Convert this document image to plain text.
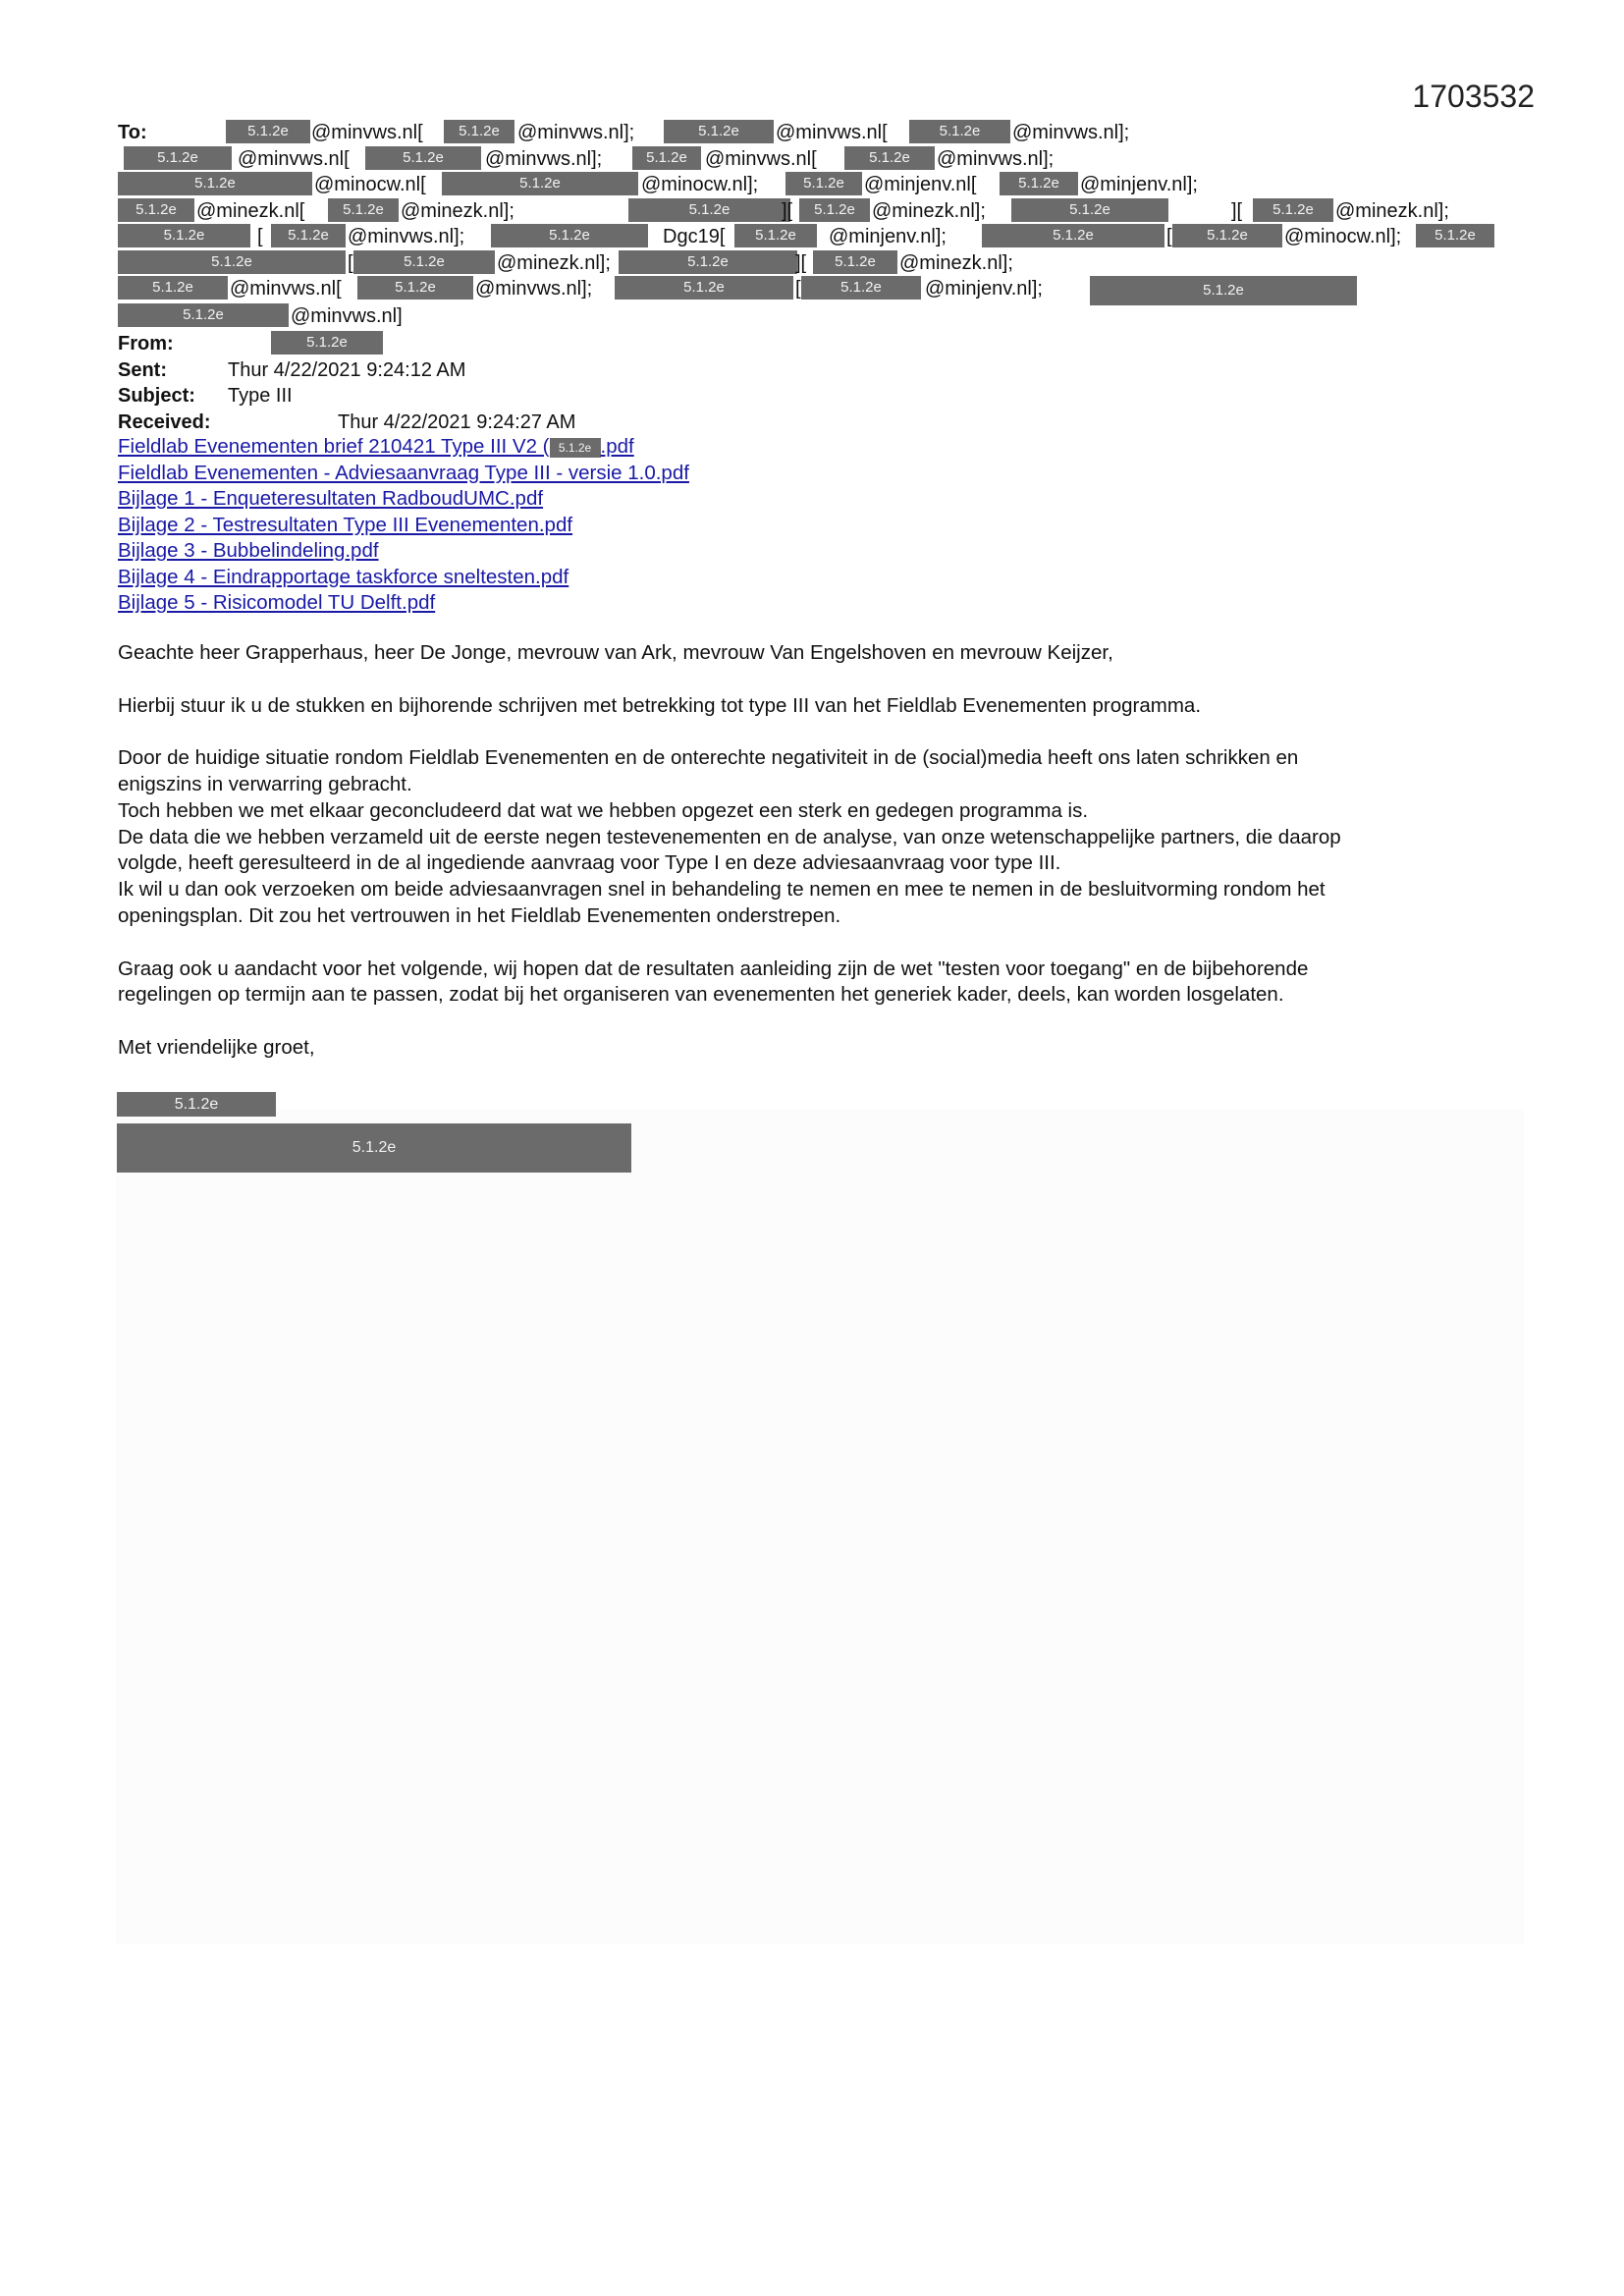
1703532
To:	5.1.2e	@minvws.nl[	5.1.2e @minvws.nl];	5.1.2e	@minvws.nl[	5.1.2e	@minvws.nl];
5.1.2e	@minvws.nl[	5.1.2e	@minvws.nl];	5.1.2e @minvws.nl[	5.1.2e	@minvws.nl];
5.1.2e	@minocw.nl[	5.1.2e	@minocw.nl];	5.1.2e	@minjenv.nl[	5.1.2e	@minjenv.nl];
5.1.2e	@minezk.nl[	5.1.2e @minezk.nl];	5.1.2e	][	5.1.2e @minezk.nl];	5.1.2e	][	5.1.2e	@minezk.nl];
5.1.2e	[	5.1.2e @minvws.nl];	5.1.2e	Dgc19[	5.1.2e	@minjenv.nl];	5.1.2e	[	5.1.2e	@minocw.nl];	5.1.2e
5.1.2e	[	5.1.2e	@minezk.nl];	5.1.2e	][	5.1.2e	@minezk.nl];
5.1.2e	@minvws.nl[	5.1.2e	@minvws.nl];	5.1.2e	[	5.1.2e	@minjenv.nl];	5.1.2e
5.1.2e	@minvws.nl]
From:	5.1.2e
Sent:	Thur 4/22/2021 9:24:12 AM
Subject: Type III
Received:	Thur 4/22/2021 9:24:27 AM
Fieldlab Evenementen brief 210421 Type III V2 ( 5.1.2e .pdf
Fieldlab Evenementen - Adviesaanvraag Type III - versie 1.0.pdf
Bijlage 1 - Enqueteresultaten RadboudUMC.pdf
Bijlage 2 - Testresultaten Type III Evenementen.pdf
Bijlage 3 - Bubbelindeling.pdf
Bijlage 4 - Eindrapportage taskforce sneltesten.pdf
Bijlage 5 - Risicomodel TU Delft.pdf

Geachte heer Grapperhaus, heer De Jonge, mevrouw van Ark, mevrouw Van Engelshoven en mevrouw Keijzer,

Hierbij stuur ik u de stukken en bijhorende schrijven met betrekking tot type III van het Fieldlab Evenementen programma.

Door de huidige situatie rondom Fieldlab Evenementen en de onterechte negativiteit in de (social)media heeft ons laten schrikken en
enigszins in verwarring gebracht.
Toch hebben we met elkaar geconcludeerd dat wat we hebben opgezet een sterk en gedegen programma is.
De data die we hebben verzameld uit de eerste negen testevenementen en de analyse, van onze wetenschappelijke partners, die daarop
volgde, heeft geresulteerd in de al ingediende aanvraag voor Type I en deze adviesaanvraag voor type III.
Ik wil u dan ook verzoeken om beide adviesaanvragen snel in behandeling te nemen en mee te nemen in de besluitvorming rondom het
openingsplan. Dit zou het vertrouwen in het Fieldlab Evenementen onderstrepen.

Graag ook u aandacht voor het volgende, wij hopen dat de resultaten aanleiding zijn de wet "testen voor toegang" en de bijbehorende
regelingen op termijn aan te passen, zodat bij het organiseren van evenementen het generiek kader, deels, kan worden losgelaten.

Met vriendelijke groet,

5.1.2e
5.1.2e
